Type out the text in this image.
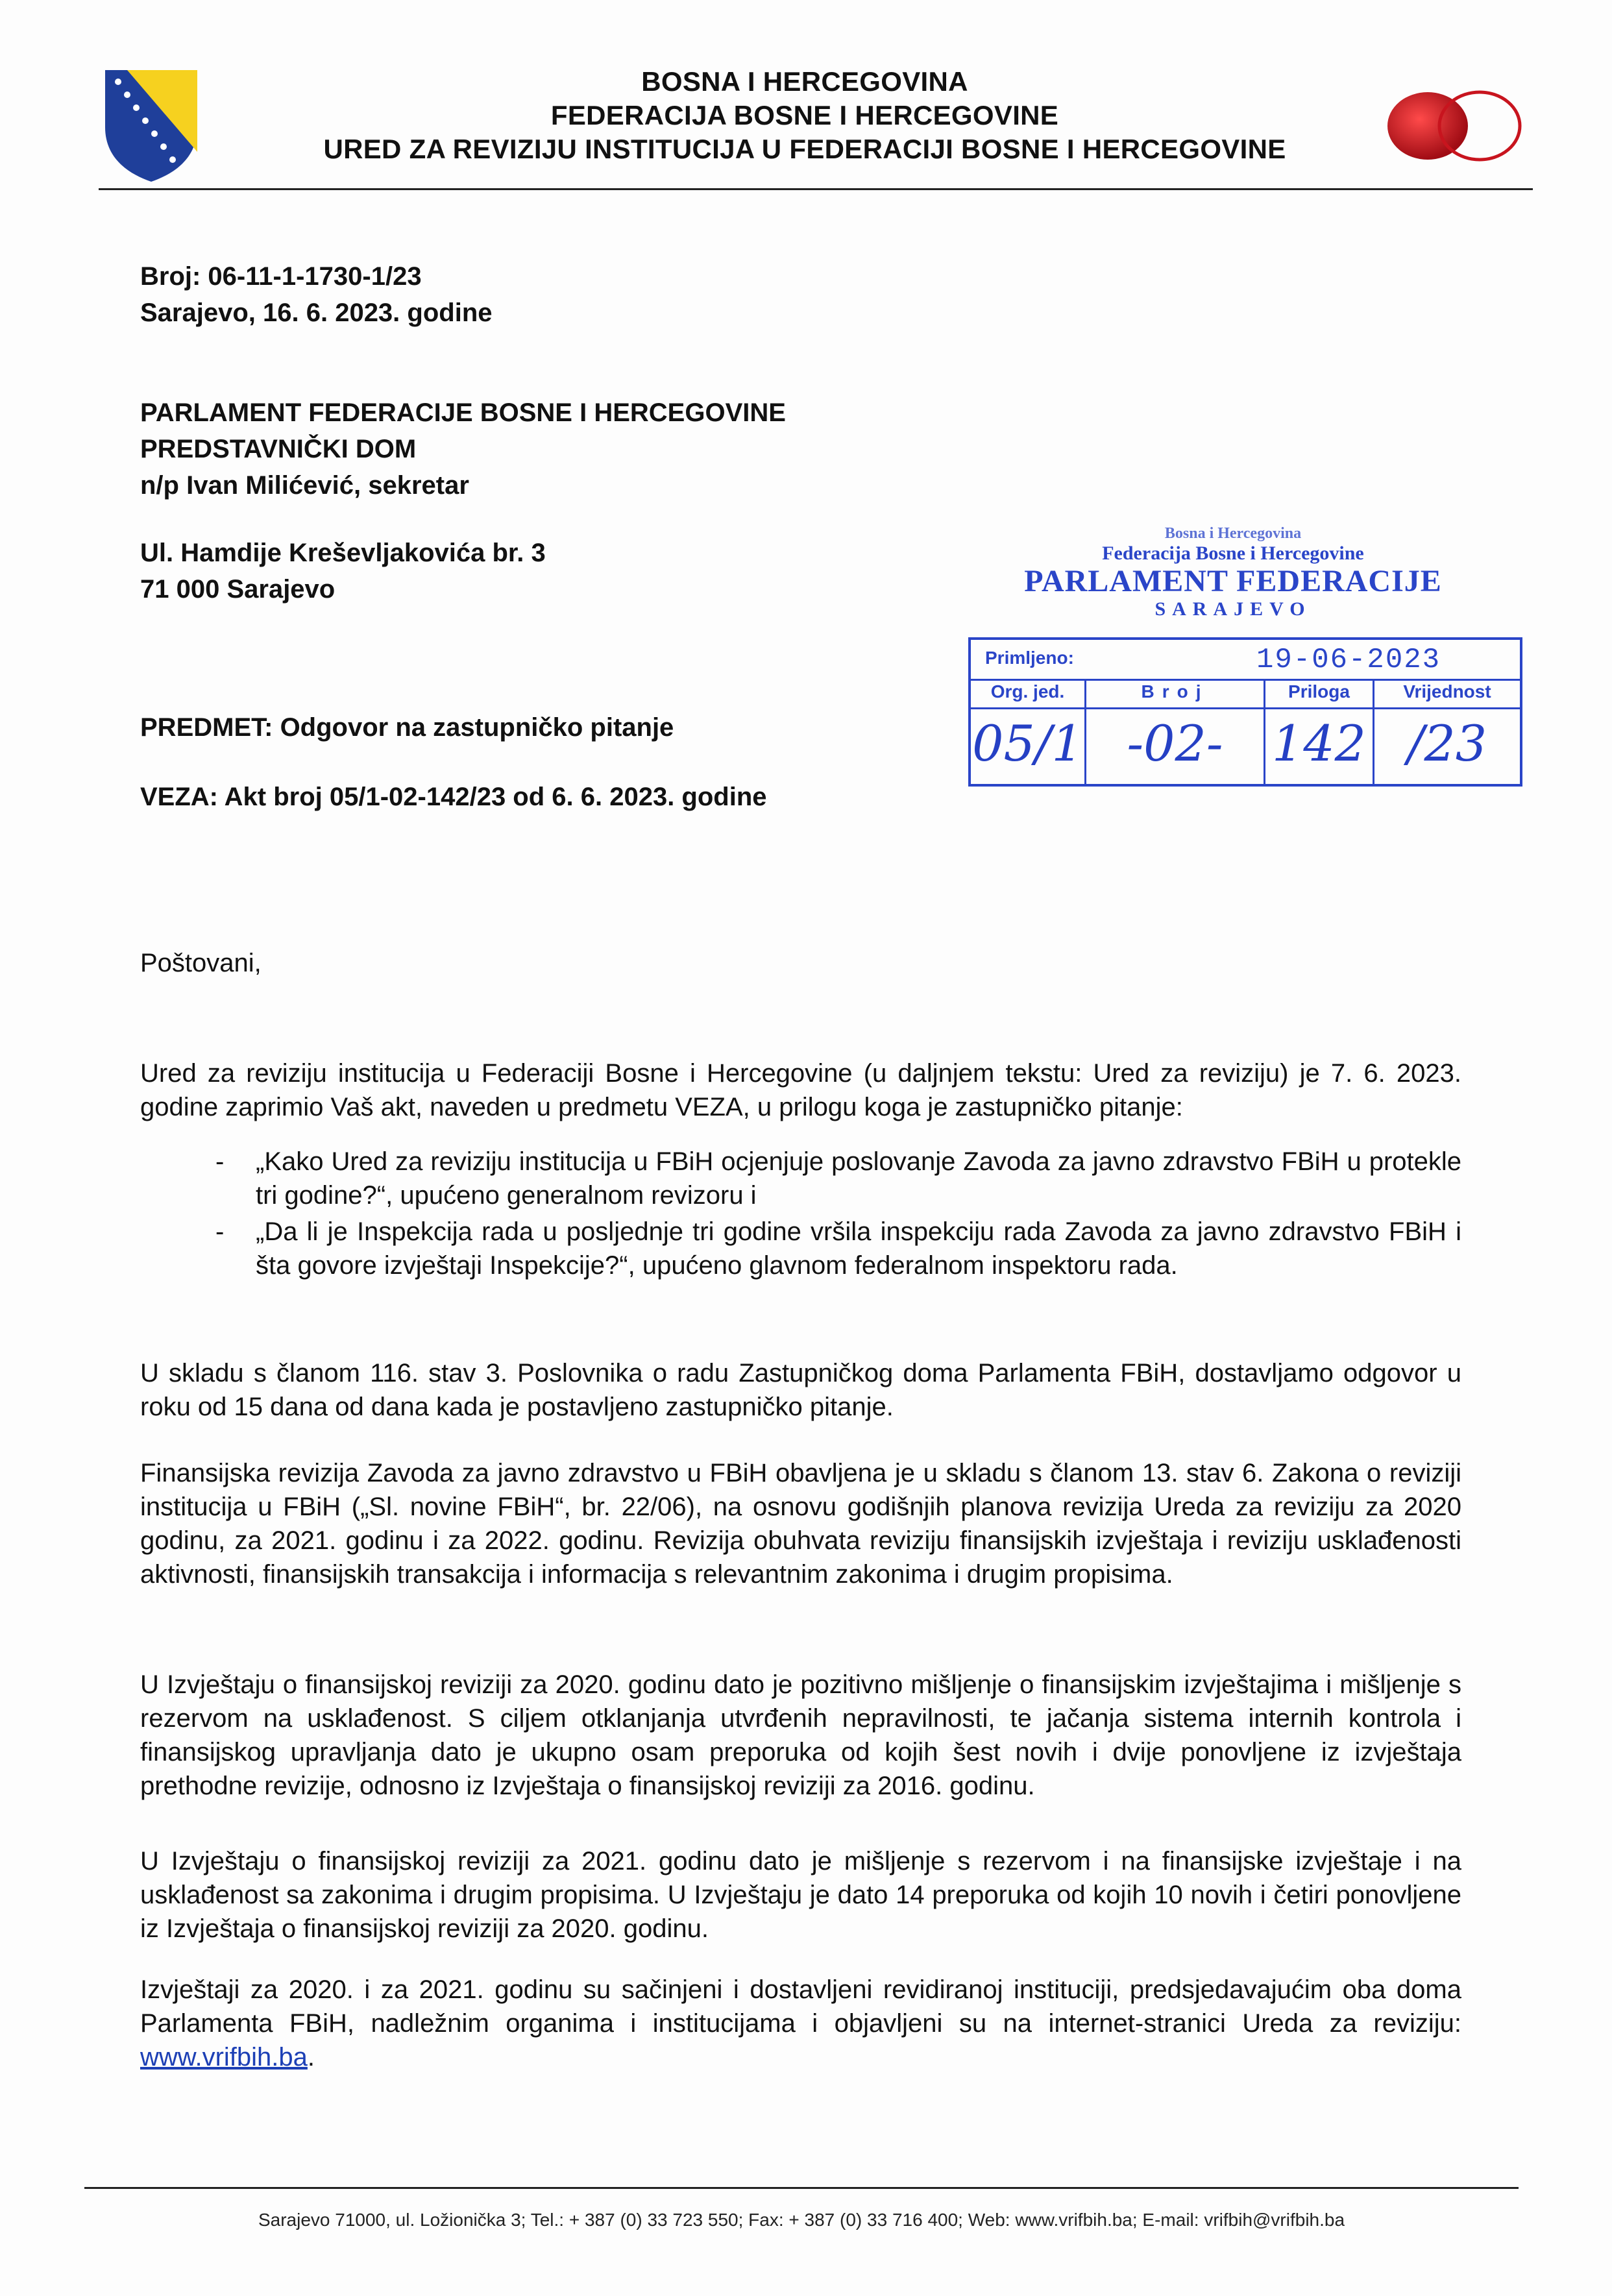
BOSNA I HERCEGOVINA
FEDERACIJA BOSNE I HERCEGOVINE
URED ZA REVIZIJU INSTITUCIJA U FEDERACIJI BOSNE I HERCEGOVINE
Broj: 06-11-1-1730-1/23
Sarajevo, 16. 6. 2023. godine
PARLAMENT FEDERACIJE BOSNE I HERCEGOVINE
PREDSTAVNIČKI DOM
n/p Ivan Milićević, sekretar
Ul. Hamdije Kreševljakovića br. 3
71 000 Sarajevo
Bosna i Hercegovina
Federacija Bosne i Hercegovine
PARLAMENT FEDERACIJE
SARAJEVO
Primljeno:	19-06-2023
Org. jed.
05/1
Broj
-02-
Priloga
142
Vrijednost
/23
PREDMET: Odgovor na zastupničko pitanje
VEZA: Akt broj 05/1-02-142/23 od 6. 6. 2023. godine
Poštovani,
Ured za reviziju institucija u Federaciji Bosne i Hercegovine (u daljnjem tekstu: Ured za reviziju) je 7. 6. 2023. godine zaprimio Vaš akt, naveden u predmetu VEZA, u prilogu koga je zastupničko pitanje:
- „Kako Ured za reviziju institucija u FBiH ocjenjuje poslovanje Zavoda za javno zdravstvo FBiH u protekle tri godine?“, upućeno generalnom revizoru i
- „Da li je Inspekcija rada u posljednje tri godine vršila inspekciju rada Zavoda za javno zdravstvo FBiH i šta govore izvještaji Inspekcije?“, upućeno glavnom federalnom inspektoru rada.
U skladu s članom 116. stav 3. Poslovnika o radu Zastupničkog doma Parlamenta FBiH, dostavljamo odgovor u roku od 15 dana od dana kada je postavljeno zastupničko pitanje.
Finansijska revizija Zavoda za javno zdravstvo u FBiH obavljena je u skladu s članom 13. stav 6. Zakona o reviziji institucija u FBiH („Sl. novine FBiH“, br. 22/06), na osnovu godišnjih planova revizija Ureda za reviziju za 2020 godinu, za 2021. godinu i za 2022. godinu. Revizija obuhvata reviziju finansijskih izvještaja i reviziju usklađenosti aktivnosti, finansijskih transakcija i informacija s relevantnim zakonima i drugim propisima.
U Izvještaju o finansijskoj reviziji za 2020. godinu dato je pozitivno mišljenje o finansijskim izvještajima i mišljenje s rezervom na usklađenost. S ciljem otklanjanja utvrđenih nepravilnosti, te jačanja sistema internih kontrola i finansijskog upravljanja dato je ukupno osam preporuka od kojih šest novih i dvije ponovljene iz izvještaja prethodne revizije, odnosno iz Izvještaja o finansijskoj reviziji za 2016. godinu.
U Izvještaju o finansijskoj reviziji za 2021. godinu dato je mišljenje s rezervom i na finansijske izvještaje i na usklađenost sa zakonima i drugim propisima. U Izvještaju je dato 14 preporuka od kojih 10 novih i četiri ponovljene iz Izvještaja o finansijskoj reviziji za 2020. godinu.
Izvještaji za 2020. i za 2021. godinu su sačinjeni i dostavljeni revidiranoj instituciji, predsjedavajućim oba doma Parlamenta FBiH, nadležnim organima i institucijama i objavljeni su na internet-stranici Ureda za reviziju: www.vrifbih.ba.
Sarajevo 71000, ul. Ložionička 3; Tel.: + 387 (0) 33 723 550; Fax: + 387 (0) 33 716 400; Web: www.vrifbih.ba; E-mail: vrifbih@vrifbih.ba
